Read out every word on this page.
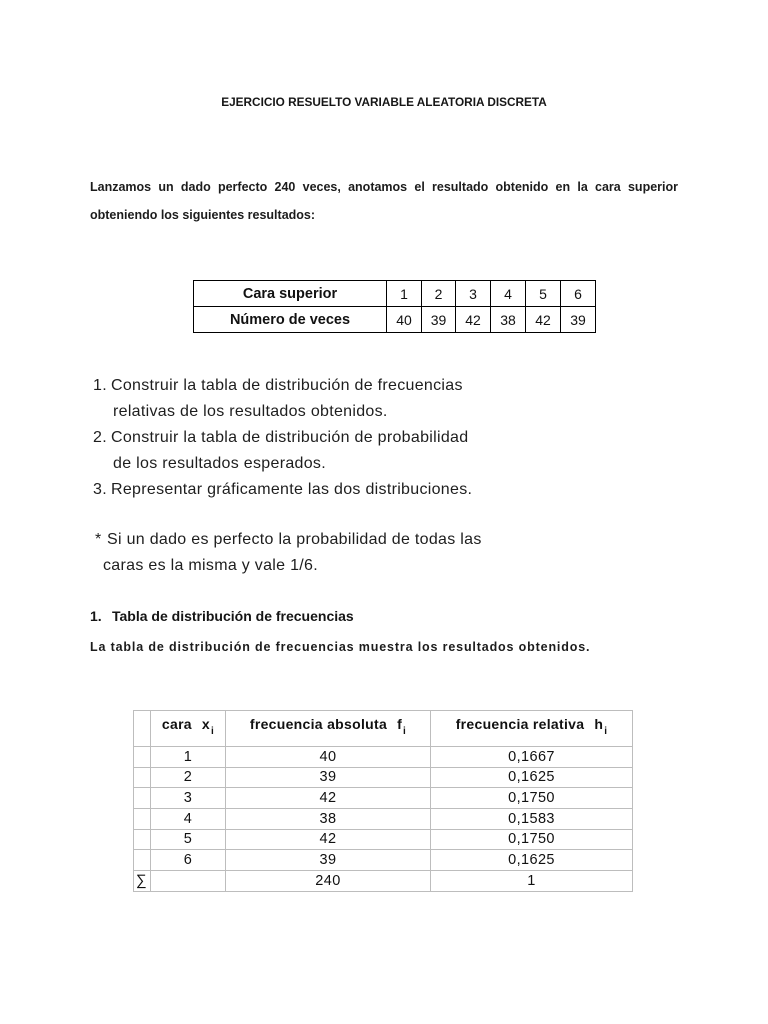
EJERCICIO RESUELTO VARIABLE ALEATORIA DISCRETA
Lanzamos un dado perfecto 240 veces, anotamos el resultado obtenido en la cara superior
obteniendo los siguientes resultados:
Cara superior	1	2	3	4	5	6
Número de veces	40	39	42	38	42	39
1. Construir la tabla de distribución de frecuencias
relativas de los resultados obtenidos.
2. Construir la tabla de distribución de probabilidad
de los resultados esperados.
3. Representar gráficamente las dos distribuciones.
* Si un dado es perfecto la probabilidad de todas las
caras es la misma y vale 1/6.
1. Tabla de distribución de frecuencias
La tabla de distribución de frecuencias muestra los resultados obtenidos.
	cara $x_i$	frecuencia absoluta $f_i$	frecuencia relativa $h_i$
	1	40	0,1667
	2	39	0,1625
	3	42	0,1750
	4	38	0,1583
	5	42	0,1750
	6	39	0,1625
∑		240	1
